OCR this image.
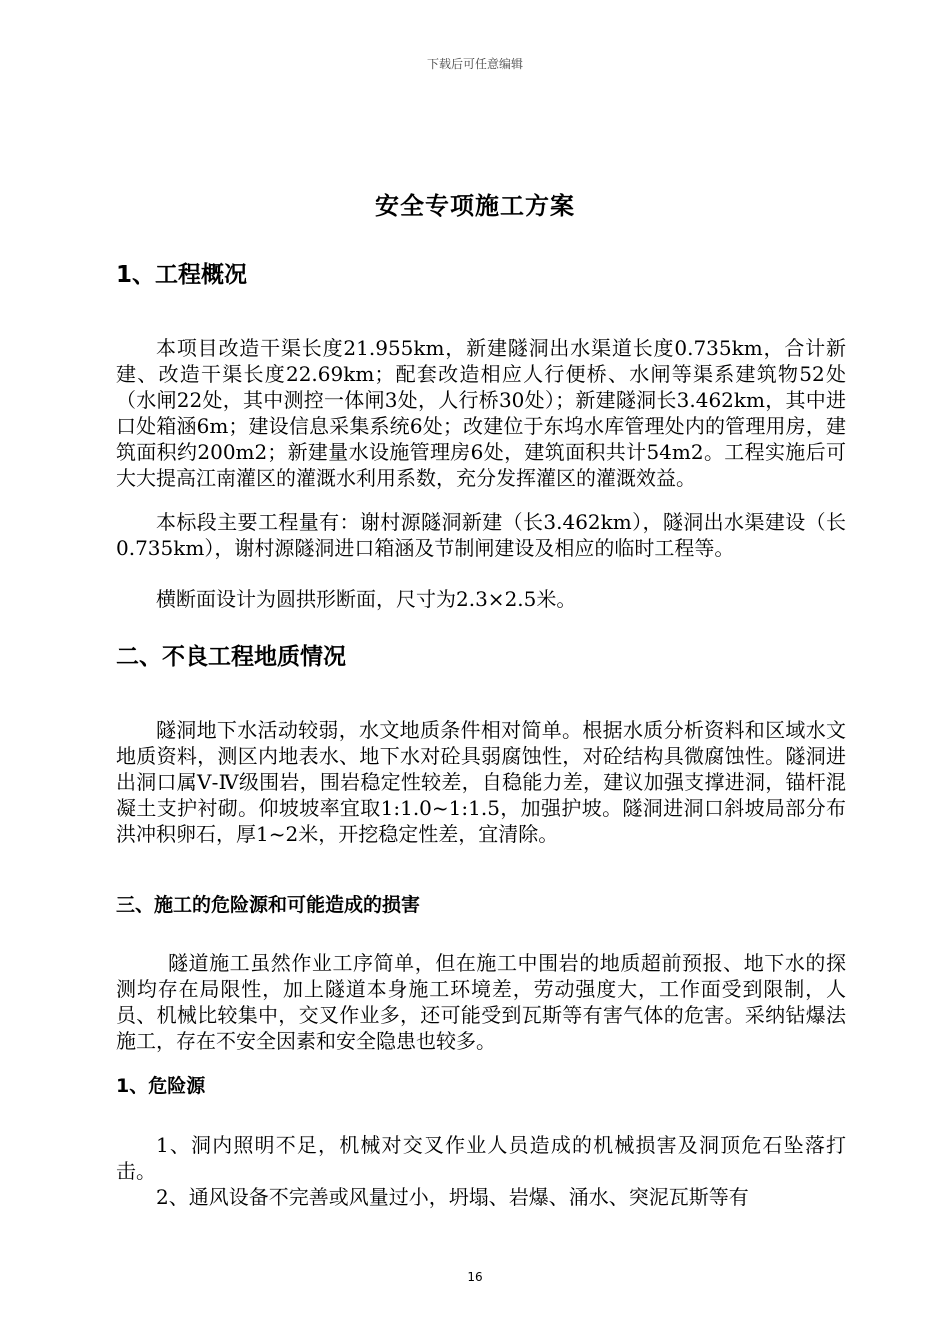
下载后可任意编辑
安全专项施工方案
1、工程概况

本项目改造干渠长度21.955km，新建隧洞出水渠道长度0.735km，合计新建、改造干渠长度22.69km；配套改造相应人行便桥、水闸等渠系建筑物52处（水闸22处，其中测控一体闸3处，人行桥30处）；新建隧洞长3.462km，其中进口处箱涵6m；建设信息采集系统6处；改建位于东坞水库管理处内的管理用房，建筑面积约200m2；新建量水设施管理房6处，建筑面积共计54m2。工程实施后可大大提高江南灌区的灌溉水利用系数，充分发挥灌区的灌溉效益。

本标段主要工程量有：谢村源隧洞新建（长3.462km），隧洞出水渠建设（长0.735km），谢村源隧洞进口箱涵及节制闸建设及相应的临时工程等。

横断面设计为圆拱形断面，尺寸为2.3×2.5米。

二、不良工程地质情况

隧洞地下水活动较弱，水文地质条件相对简单。根据水质分析资料和区域水文地质资料，测区内地表水、地下水对砼具弱腐蚀性，对砼结构具微腐蚀性。隧洞进出洞口属Ⅴ-Ⅳ级围岩，围岩稳定性较差，自稳能力差，建议加强支撑进洞，锚杆混凝土支护衬砌。仰坡坡率宜取1:1.0~1:1.5，加强护坡。隧洞进洞口斜坡局部分布洪冲积卵石，厚1~2米，开挖稳定性差，宜清除。

三、施工的危险源和可能造成的损害

隧道施工虽然作业工序简单，但在施工中围岩的地质超前预报、地下水的探测均存在局限性，加上隧道本身施工环境差，劳动强度大，工作面受到限制，人员、机械比较集中，交叉作业多，还可能受到瓦斯等有害气体的危害。采纳钻爆法施工，存在不安全因素和安全隐患也较多。

1、危险源

1、洞内照明不足，机械对交叉作业人员造成的机械损害及洞顶危石坠落打击。

2、通风设备不完善或风量过小，坍塌、岩爆、涌水、突泥瓦斯等有

16
